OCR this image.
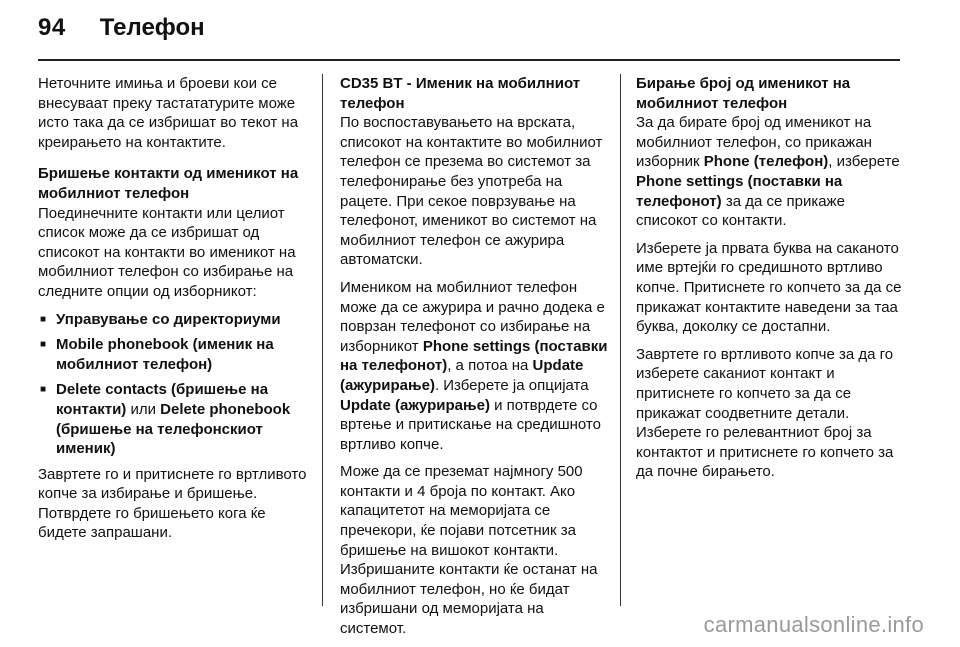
94 Телефон

Неточните имиња и броеви кои се внесуваат преку тастататурите може исто така да се избришат во текот на креирањето на контактите.

Бришење контакти од именикот на мобилниот телефон

Поединечните контакти или целиот список може да се избришат од списокот на контакти во именикот на мобилниот телефон со избирање на следните опции од изборникот:

■ Управување со директориуми
■ Mobile phonebook (именик на мобилниот телефон)
■ Delete contacts (бришење на контакти) или Delete phonebook (бришење на телефонскиот именик)

Завртете го и притиснете го вртливото копче за избирање и бришење. Потврдете го бришењето кога ќе бидете запрашани.

CD35 BT - Именик на мобилниот телефон

По воспоставувањето на врската, списокот на контактите во мобилниот телефон се презема во системот за телефонирање без употреба на рацете. При секое поврзување на телефонот, именикот во системот на мобилниот телефон се ажурира автоматски.

Имеником на мобилниот телефон може да се ажурира и рачно додека е поврзан телефонот со избирање на изборникот Phone settings (поставки на телефонот), а потоа на Update (ажурирање). Изберете ја опцијата Update (ажурирање) и потврдете со вртење и притискање на средишното вртливо копче.

Може да се преземат најмногу 500 контакти и 4 броја по контакт. Ако капацитетот на меморијата се пречекори, ќе појави потсетник за бришење на вишокот контакти. Избришаните контакти ќе останат на мобилниот телефон, но ќе бидат избришани од меморијата на системот.

Бирање број од именикот на мобилниот телефон

За да бирате број од именикот на мобилниот телефон, со прикажан изборник Phone (телефон), изберете Phone settings (поставки на телефонот) за да се прикаже списокот со контакти.

Изберете ја првата буква на саканото име вртејќи го средишното вртливо копче. Притиснете го копчето за да се прикажат контактите наведени за таа буква, доколку се достапни.

Завртете го вртливото копче за да го изберете саканиот контакт и притиснете го копчето за да се прикажат соодветните детали. Изберете го релевантниот број за контактот и притиснете го копчето за да почне бирањето.

carmanualsonline.info
